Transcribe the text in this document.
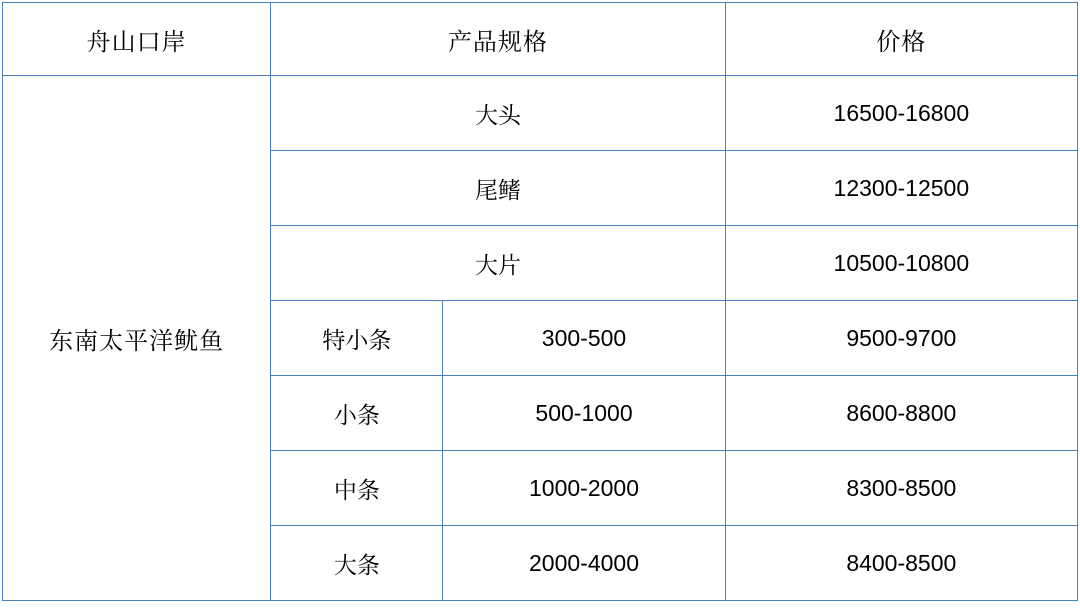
舟山口岸	产品规格		价格
东南太平洋鱿鱼	大头		16500-16800
	尾鳍		12300-12500
	大片		10500-10800
	特小条	300-500	9500-9700
	小条	500-1000	8600-8800
	中条	1000-2000	8300-8500
	大条	2000-4000	8400-8500
